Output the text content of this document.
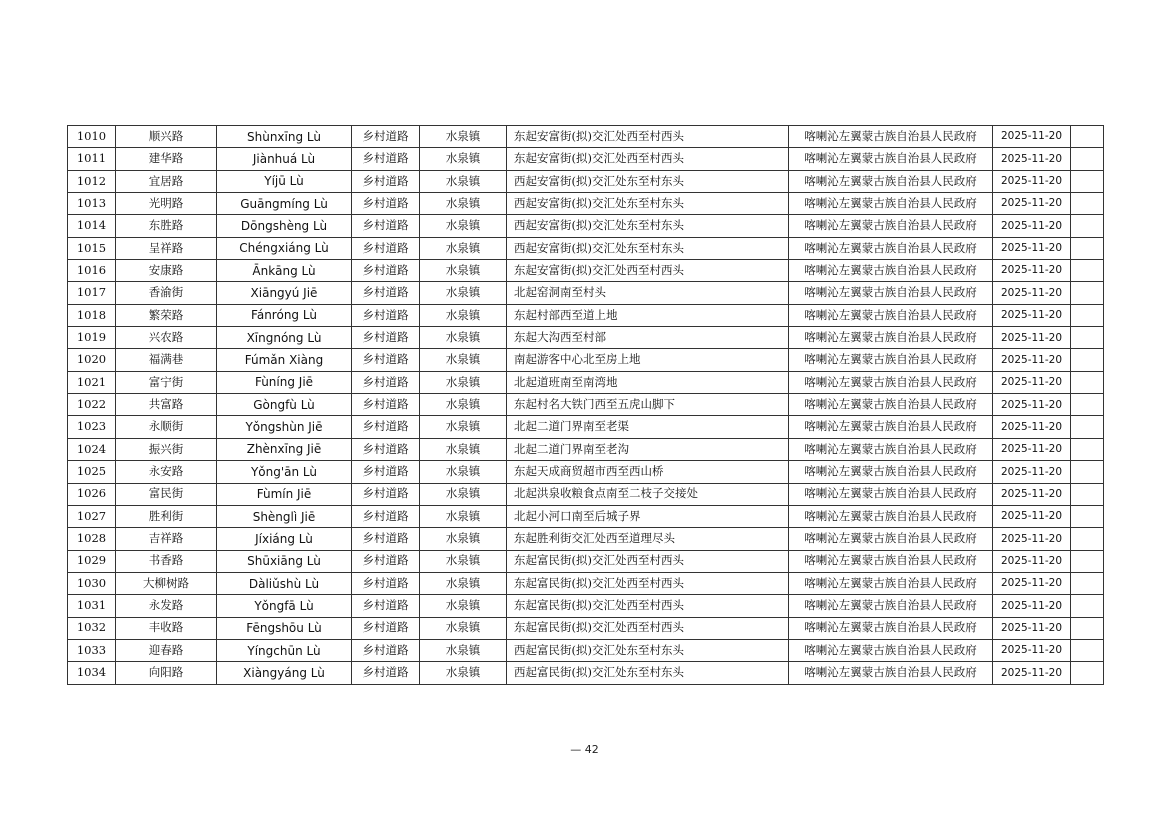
1010	顺兴路	Shùnxīng Lù	乡村道路	水泉镇	东起安富街(拟)交汇处西至村西头	喀喇沁左翼蒙古族自治县人民政府	2025-11-20	
1011	建华路	Jiànhuá Lù	乡村道路	水泉镇	东起安富街(拟)交汇处西至村西头	喀喇沁左翼蒙古族自治县人民政府	2025-11-20	
1012	宜居路	Yíjū Lù	乡村道路	水泉镇	西起安富街(拟)交汇处东至村东头	喀喇沁左翼蒙古族自治县人民政府	2025-11-20	
1013	光明路	Guāngmíng Lù	乡村道路	水泉镇	西起安富街(拟)交汇处东至村东头	喀喇沁左翼蒙古族自治县人民政府	2025-11-20	
1014	东胜路	Dōngshèng Lù	乡村道路	水泉镇	西起安富街(拟)交汇处东至村东头	喀喇沁左翼蒙古族自治县人民政府	2025-11-20	
1015	呈祥路	Chéngxiáng Lù	乡村道路	水泉镇	西起安富街(拟)交汇处东至村东头	喀喇沁左翼蒙古族自治县人民政府	2025-11-20	
1016	安康路	Ānkāng Lù	乡村道路	水泉镇	东起安富街(拟)交汇处西至村西头	喀喇沁左翼蒙古族自治县人民政府	2025-11-20	
1017	香渝街	Xiāngyú Jiē	乡村道路	水泉镇	北起窑洞南至村头	喀喇沁左翼蒙古族自治县人民政府	2025-11-20	
1018	繁荣路	Fánróng Lù	乡村道路	水泉镇	东起村部西至道上地	喀喇沁左翼蒙古族自治县人民政府	2025-11-20	
1019	兴农路	Xīngnóng Lù	乡村道路	水泉镇	东起大沟西至村部	喀喇沁左翼蒙古族自治县人民政府	2025-11-20	
1020	福满巷	Fúmǎn Xiàng	乡村道路	水泉镇	南起游客中心北至房上地	喀喇沁左翼蒙古族自治县人民政府	2025-11-20	
1021	富宁街	Fùníng Jiē	乡村道路	水泉镇	北起道班南至南湾地	喀喇沁左翼蒙古族自治县人民政府	2025-11-20	
1022	共富路	Gòngfù Lù	乡村道路	水泉镇	东起村名大铁门西至五虎山脚下	喀喇沁左翼蒙古族自治县人民政府	2025-11-20	
1023	永顺街	Yǒngshùn Jiē	乡村道路	水泉镇	北起二道门界南至老渠	喀喇沁左翼蒙古族自治县人民政府	2025-11-20	
1024	振兴街	Zhènxīng Jiē	乡村道路	水泉镇	北起二道门界南至老沟	喀喇沁左翼蒙古族自治县人民政府	2025-11-20	
1025	永安路	Yǒng'ān Lù	乡村道路	水泉镇	东起天成商贸超市西至西山桥	喀喇沁左翼蒙古族自治县人民政府	2025-11-20	
1026	富民街	Fùmín Jiē	乡村道路	水泉镇	北起洪泉收粮食点南至二枝子交接处	喀喇沁左翼蒙古族自治县人民政府	2025-11-20	
1027	胜利街	Shènglì Jiē	乡村道路	水泉镇	北起小河口南至后城子界	喀喇沁左翼蒙古族自治县人民政府	2025-11-20	
1028	吉祥路	Jíxiáng Lù	乡村道路	水泉镇	东起胜利街交汇处西至道理尽头	喀喇沁左翼蒙古族自治县人民政府	2025-11-20	
1029	书香路	Shūxiāng Lù	乡村道路	水泉镇	东起富民街(拟)交汇处西至村西头	喀喇沁左翼蒙古族自治县人民政府	2025-11-20	
1030	大柳树路	Dàliǔshù Lù	乡村道路	水泉镇	东起富民街(拟)交汇处西至村西头	喀喇沁左翼蒙古族自治县人民政府	2025-11-20	
1031	永发路	Yǒngfā Lù	乡村道路	水泉镇	东起富民街(拟)交汇处西至村西头	喀喇沁左翼蒙古族自治县人民政府	2025-11-20	
1032	丰收路	Fēngshōu Lù	乡村道路	水泉镇	东起富民街(拟)交汇处西至村西头	喀喇沁左翼蒙古族自治县人民政府	2025-11-20	
1033	迎春路	Yíngchūn Lù	乡村道路	水泉镇	西起富民街(拟)交汇处东至村东头	喀喇沁左翼蒙古族自治县人民政府	2025-11-20	
1034	向阳路	Xiàngyáng Lù	乡村道路	水泉镇	西起富民街(拟)交汇处东至村东头	喀喇沁左翼蒙古族自治县人民政府	2025-11-20	
— 42
